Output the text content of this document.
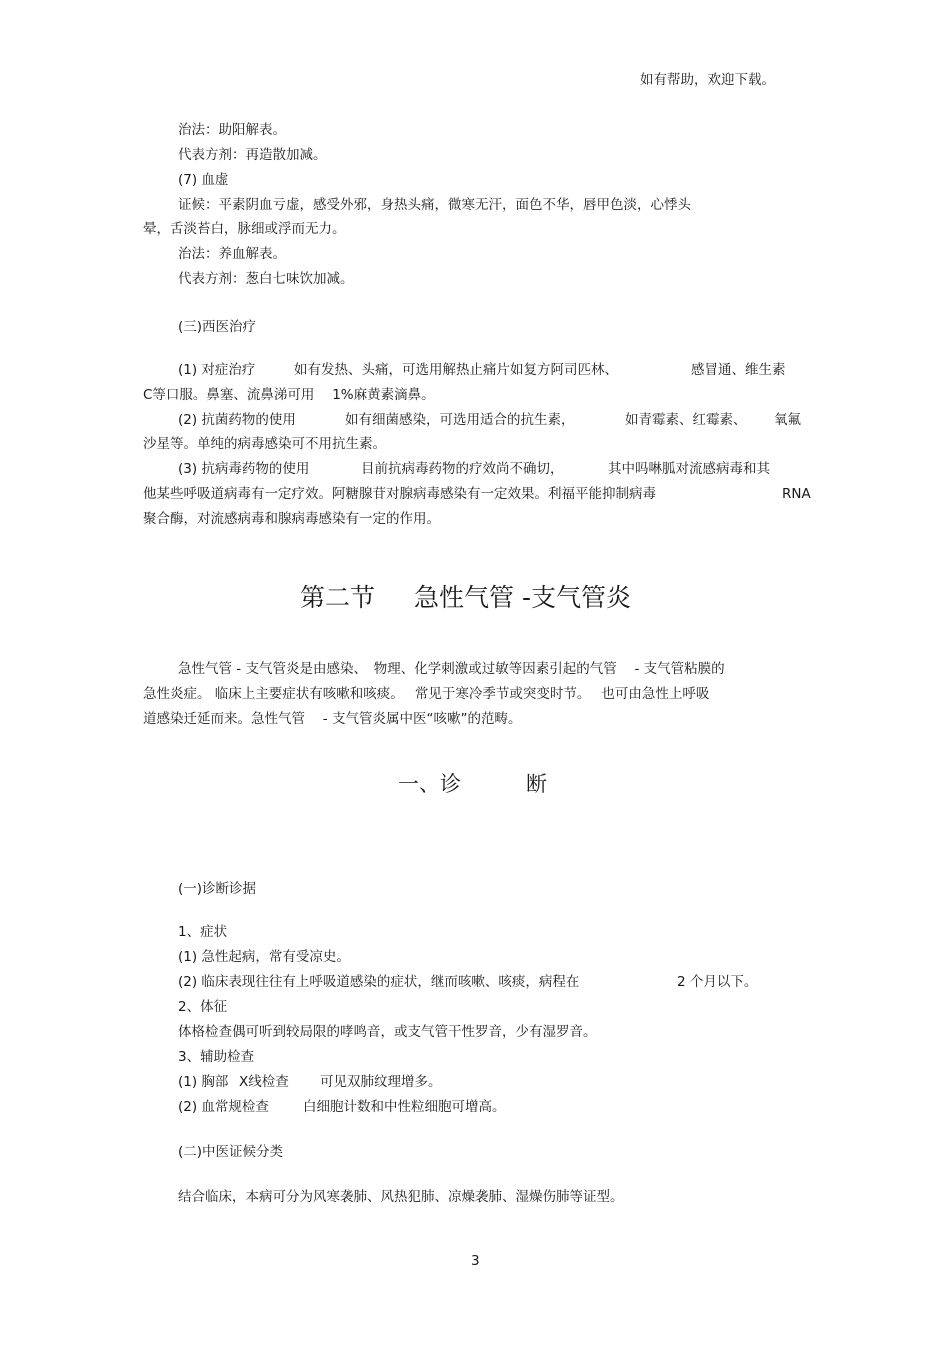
如有帮助，欢迎下载。
治法：助阳解表。
代表方剂：再造散加减。
(7) 血虚
证候：平素阴血亏虚，感受外邪，身热头痛，微寒无汗，面色不华，唇甲色淡，心悸头
晕，舌淡苔白，脉细或浮而无力。
治法：养血解表。
代表方剂：葱白七味饮加减。
(三)西医治疗
(1) 对症治疗	如有发热、头痛，可选用解热止痛片如复方阿司匹林、	感冒通、维生素
C等口服。鼻塞、流鼻涕可用　 1%麻黄素滴鼻。
(2) 抗菌药物的使用	如有细菌感染，可选用适合的抗生素，	如青霉素、红霉素、 氧氟
沙星等。单纯的病毒感染可不用抗生素。
(3) 抗病毒药物的使用	目前抗病毒药物的疗效尚不确切，	其中吗啉胍对流感病毒和其
他某些呼吸道病毒有一定疗效。阿糖腺苷对腺病毒感染有一定效果。利福平能抑制病毒	RNA
聚合酶，对流感病毒和腺病毒感染有一定的作用。
第二节 急性气管 -支气管炎
急性气管 - 支气管炎是由感染、　物理、化学刺激或过敏等因素引起的气管　 - 支气管粘膜的
急性炎症。 临床上主要症状有咳嗽和咳痰。　 常见于寒冷季节或突变时节。　 也可由急性上呼吸
道感染迁延而来。急性气管　 - 支气管炎属中医“咳嗽”的范畴。
一、诊	断
(一)诊断诊据
1、症状
(1) 急性起病，常有受凉史。
(2) 临床表现往往有上呼吸道感染的症状，继而咳嗽、咳痰，病程在	2 个月以下。
2、体征
体格检查偶可听到较局限的哮鸣音，或支气管干性罗音，少有湿罗音。
3、辅助检查
(1) 胸部 X线检查 可见双肺纹理增多。
(2) 血常规检查	白细胞计数和中性粒细胞可增高。
(二)中医证候分类
结合临床，本病可分为风寒袭肺、风热犯肺、凉燥袭肺、湿燥伤肺等证型。
3
